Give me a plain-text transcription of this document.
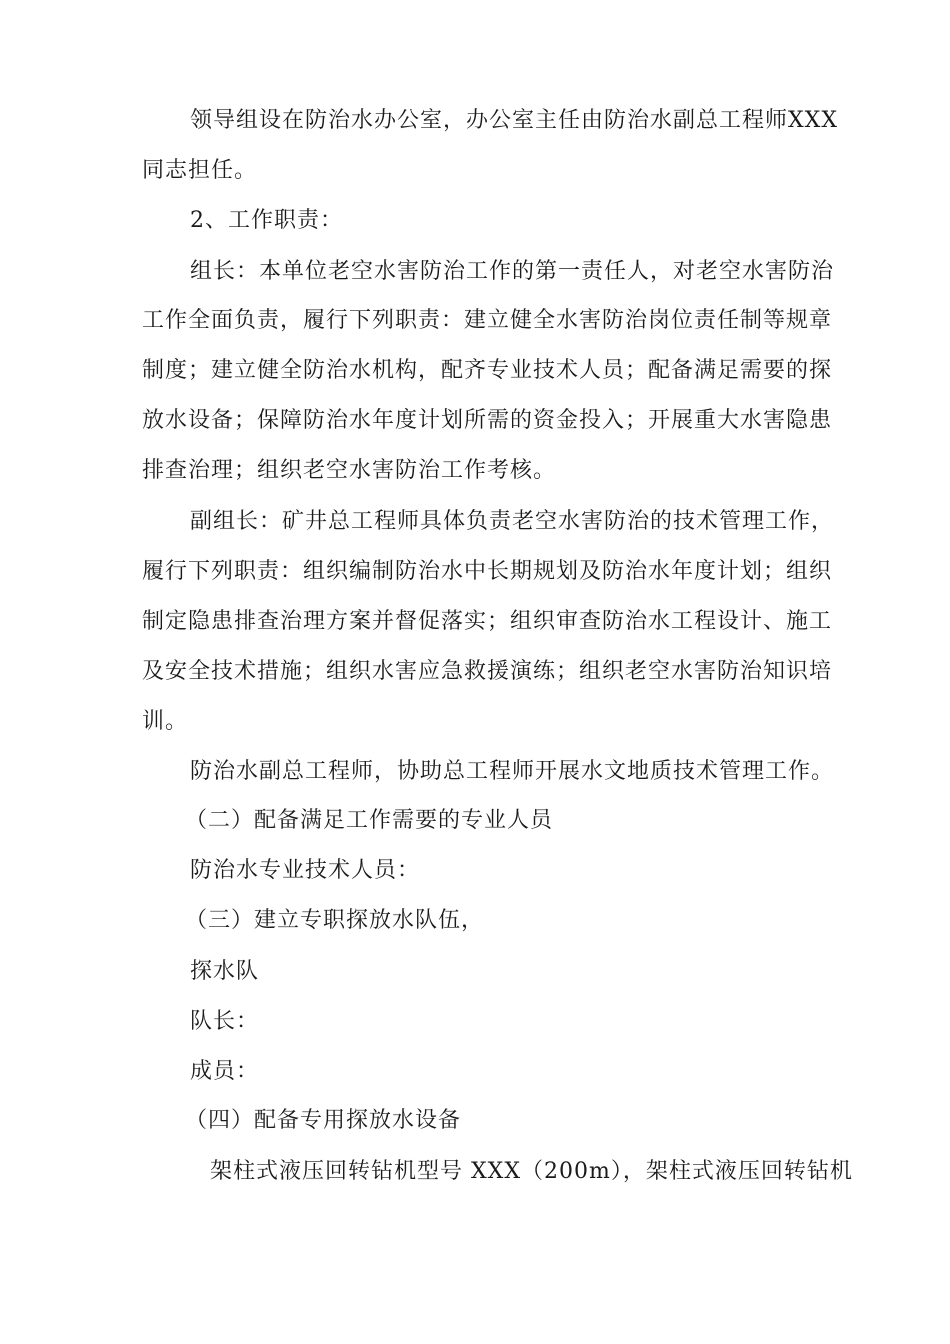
领导组设在防治水办公室，办公室主任由防治水副总工程师XXX
同志担任。
2、工作职责：
组长：本单位老空水害防治工作的第一责任人，对老空水害防治
工作全面负责，履行下列职责：建立健全水害防治岗位责任制等规章
制度；建立健全防治水机构，配齐专业技术人员；配备满足需要的探
放水设备；保障防治水年度计划所需的资金投入；开展重大水害隐患
排查治理；组织老空水害防治工作考核。
副组长：矿井总工程师具体负责老空水害防治的技术管理工作，
履行下列职责：组织编制防治水中长期规划及防治水年度计划；组织
制定隐患排查治理方案并督促落实；组织审查防治水工程设计、施工
及安全技术措施；组织水害应急救援演练；组织老空水害防治知识培
训。
防治水副总工程师，协助总工程师开展水文地质技术管理工作。
（二）配备满足工作需要的专业人员
防治水专业技术人员：
（三）建立专职探放水队伍，
探水队
队长：
成员：
（四）配备专用探放水设备
架柱式液压回转钻机型号 XXX（200m），架柱式液压回转钻机
